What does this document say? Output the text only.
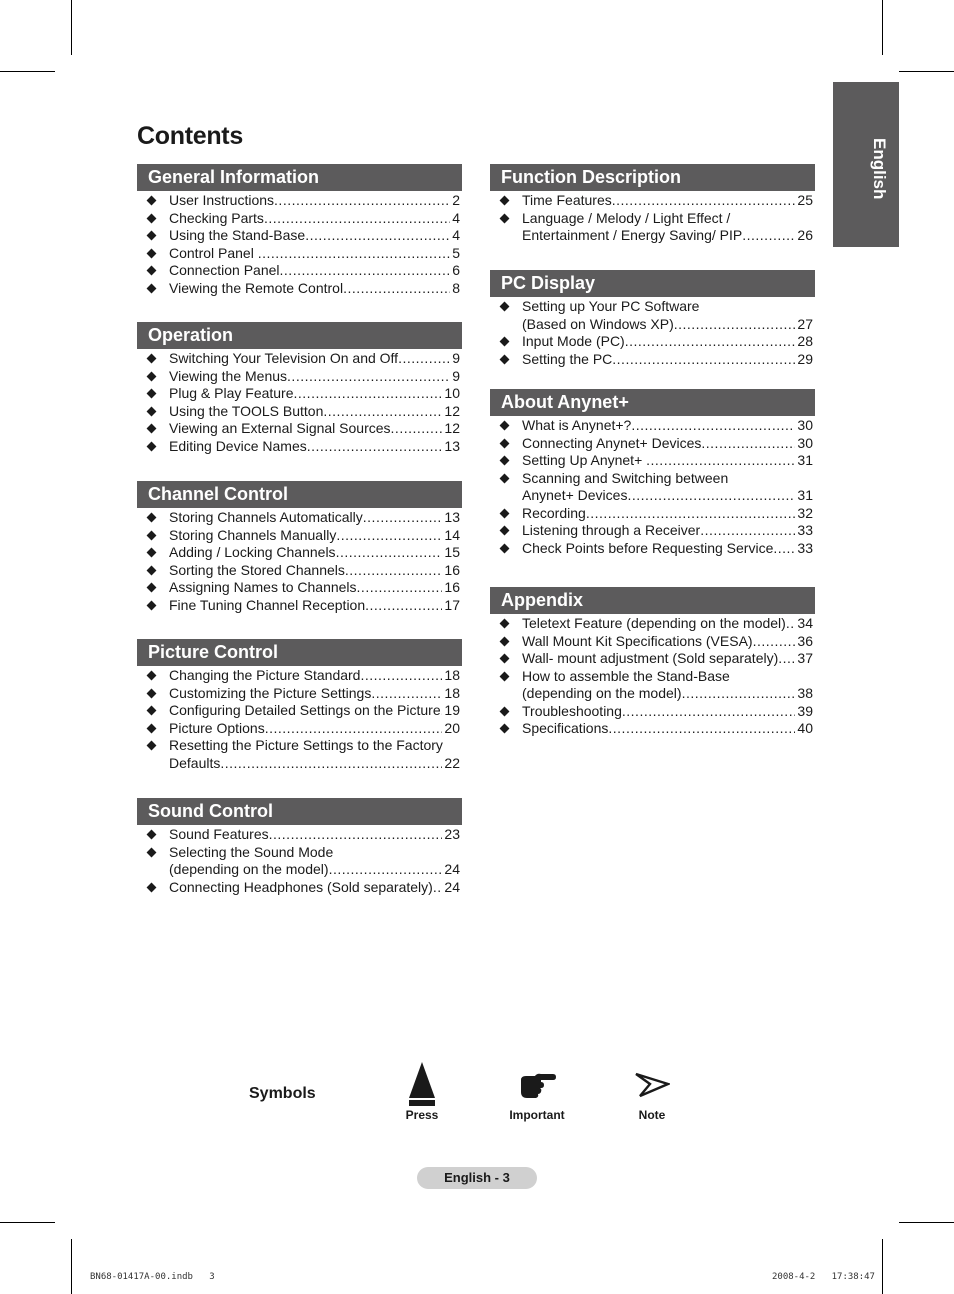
Contents
English
General Information
User Instructions .....	2
Checking Parts .....	4
Using the Stand-Base .....	4
Control Panel .....	5
Connection Panel .....	6
Viewing the Remote Control .....	8
Operation
Switching Your Television On and Off .....	9
Viewing the Menus .....	9
Plug & Play Feature .....	10
Using the TOOLS Button .....	12
Viewing an External Signal Sources .....	12
Editing Device Names .....	13
Channel Control
Storing Channels Automatically .....	13
Storing Channels Manually .....	14
Adding / Locking Channels .....	15
Sorting the Stored Channels .....	16
Assigning Names to Channels .....	16
Fine Tuning Channel Reception .....	17
Picture Control
Changing the Picture Standard .....	18
Customizing the Picture Settings .....	18
Configuring Detailed Settings on the Picture ..... 19
Picture Options .....	20
Resetting the Picture Settings to the Factory
Defaults .....	22
Sound Control
Sound Features .....	23
Selecting the Sound Mode
(depending on the model) .....	24
Connecting Headphones (Sold separately) ..... 24
Function Description
Time Features .....	25
Language / Melody / Light Effect /
Entertainment / Energy Saving/ PIP .....	26
PC Display
Setting up Your PC Software
(Based on Windows XP) .....	27
Input Mode (PC) .....	28
Setting the PC .....	29
About Anynet+
What is Anynet+? .....	30
Connecting Anynet+ Devices .....	30
Setting Up Anynet+ .....	31
Scanning and Switching between
Anynet+ Devices .....	31
Recording .....	32
Listening through a Receiver .....	33
Check Points before Requesting Service ..... 33
Appendix
Teletext Feature (depending on the model) ..... 34
Wall Mount Kit Specifications (VESA) .....	36
Wall- mount adjustment (Sold separately) ..... 37
How to assemble the Stand-Base
(depending on the model) .....	38
Troubleshooting .....	39
Specifications .....	40
Symbols
Press	Important	Note
English - 3
BN68-01417A-00.indb   3	2008-4-2   17:38:47
